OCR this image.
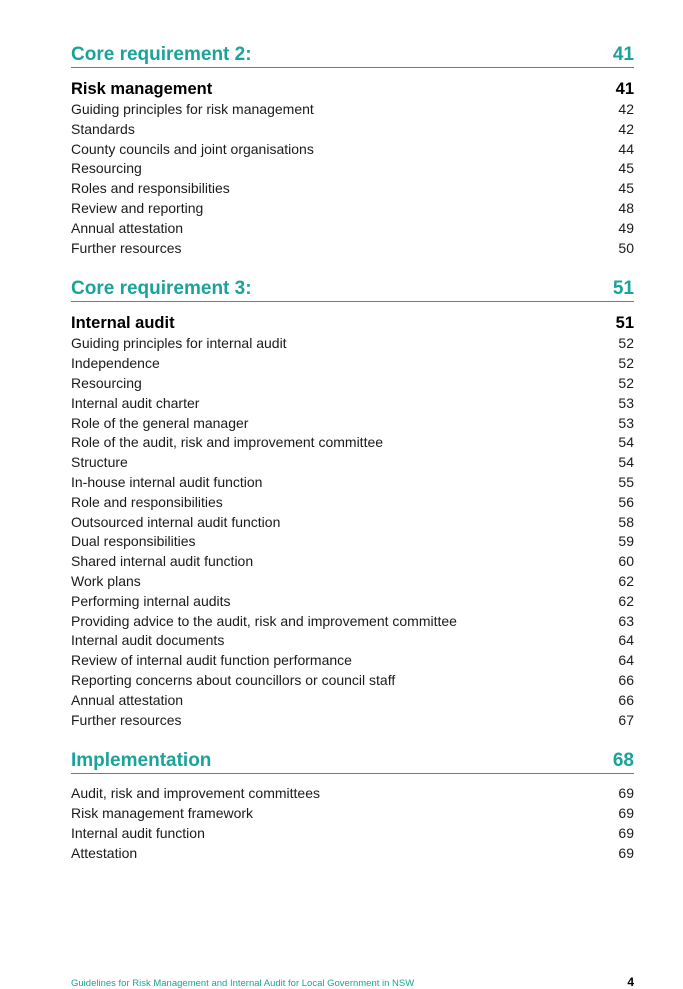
Core requirement 2:	41
Risk management	41
Guiding principles for risk management	42
Standards	42
County councils and joint organisations	44
Resourcing	45
Roles and responsibilities	45
Review and reporting	48
Annual attestation	49
Further resources	50
Core requirement 3:	51
Internal audit	51
Guiding principles for internal audit	52
Independence	52
Resourcing	52
Internal audit charter	53
Role of the general manager	53
Role of the audit, risk and improvement committee	54
Structure	54
In-house internal audit function	55
Role and responsibilities	56
Outsourced internal audit function	58
Dual responsibilities	59
Shared internal audit function	60
Work plans	62
Performing internal audits	62
Providing advice to the audit, risk and improvement committee	63
Internal audit documents	64
Review of internal audit function performance	64
Reporting concerns about councillors or council staff	66
Annual attestation	66
Further resources	67
Implementation	68
Audit, risk and improvement committees	69
Risk management framework	69
Internal audit function	69
Attestation	69
Guidelines for Risk Management and Internal Audit for Local Government in NSW	4
